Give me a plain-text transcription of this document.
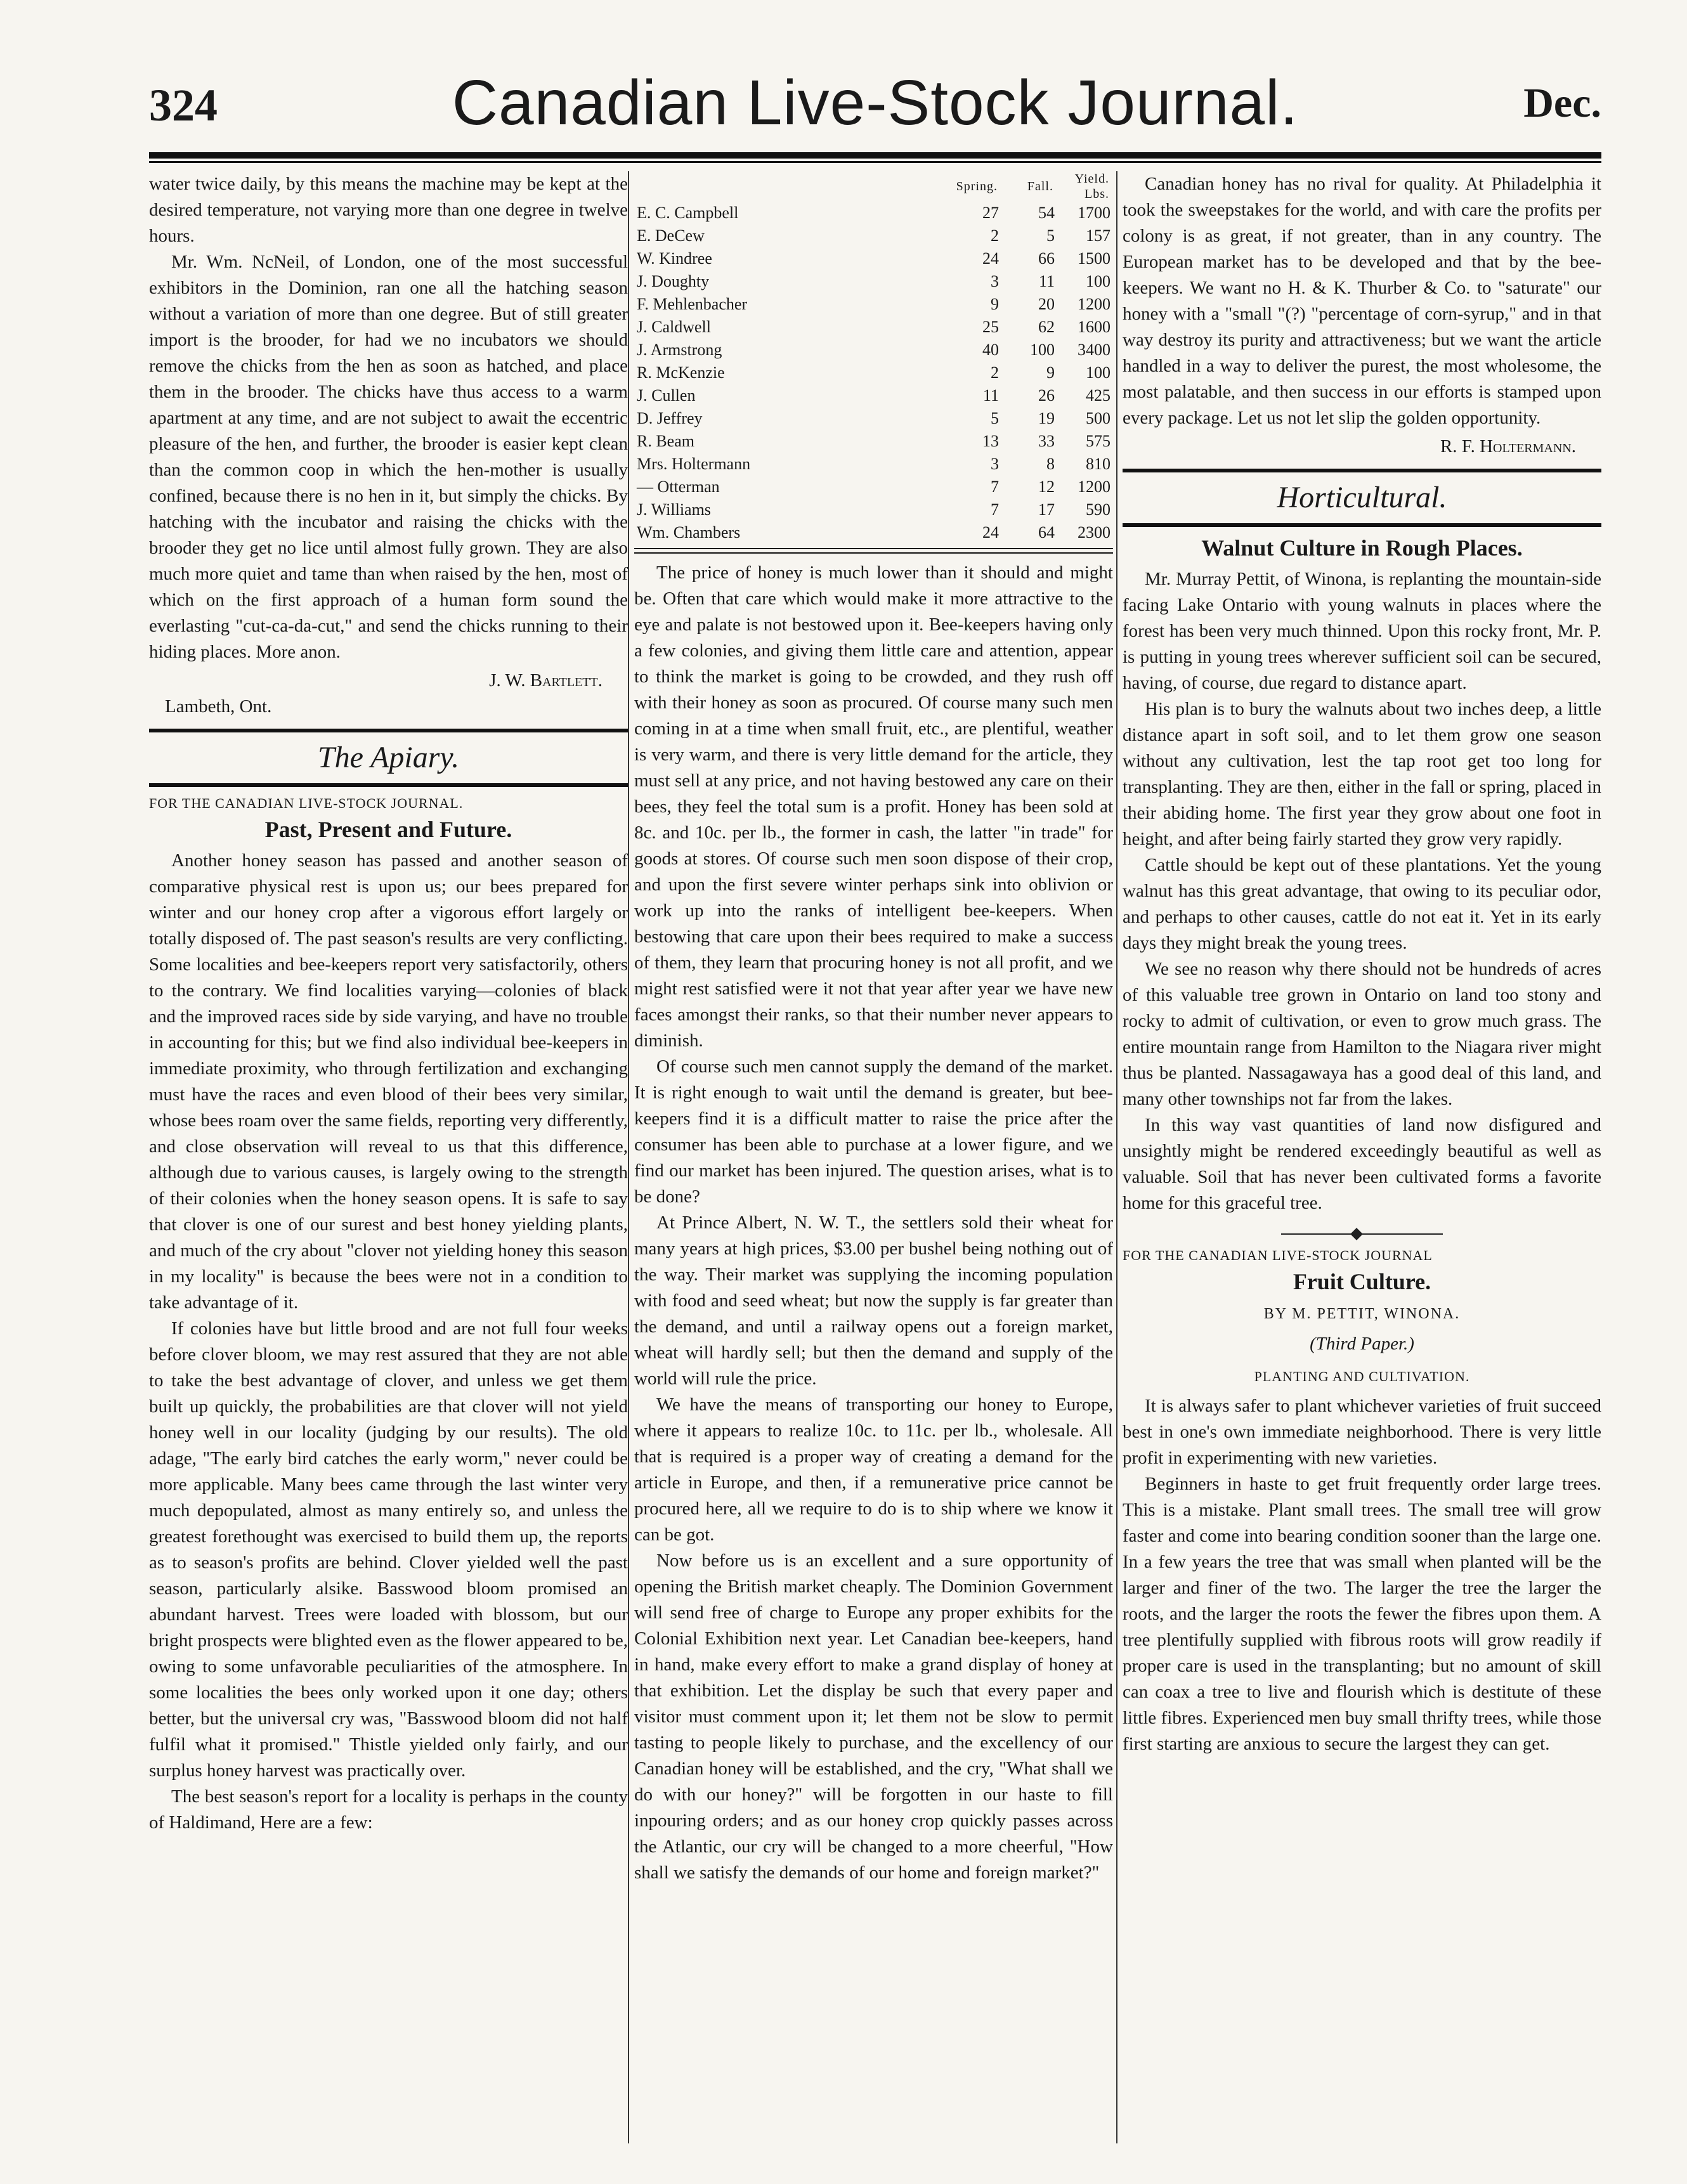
324	Canadian Live-Stock Journal.	Dec.

water twice daily, by this means the machine may be kept at the desired temperature, not varying more than one degree in twelve hours.

Mr. Wm. NcNeil, of London, one of the most successful exhibitors in the Dominion, ran one all the hatching season without a variation of more than one degree. But of still greater import is the brooder, for had we no incubators we should remove the chicks from the hen as soon as hatched, and place them in the brooder. The chicks have thus access to a warm apartment at any time, and are not subject to await the eccentric pleasure of the hen, and further, the brooder is easier kept clean than the common coop in which the hen-mother is usually confined, because there is no hen in it, but simply the chicks. By hatching with the incubator and raising the chicks with the brooder they get no lice until almost fully grown. They are also much more quiet and tame than when raised by the hen, most of which on the first approach of a human form sound the everlasting "cut-ca-da-cut," and send the chicks running to their hiding places. More anon.

J. W. Bartlett.
Lambeth, Ont.
The Apiary.
FOR THE CANADIAN LIVE-STOCK JOURNAL.
Past, Present and Future.

Another honey season has passed and another season of comparative physical rest is upon us; our bees prepared for winter and our honey crop after a vigorous effort largely or totally disposed of. The past season's results are very conflicting. Some localities and bee-keepers report very satisfactorily, others to the contrary. We find localities varying—colonies of black and the improved races side by side varying, and have no trouble in accounting for this; but we find also individual bee-keepers in immediate proximity, who through fertilization and exchanging must have the races and even blood of their bees very similar, whose bees roam over the same fields, reporting very differently, and close observation will reveal to us that this difference, although due to various causes, is largely owing to the strength of their colonies when the honey season opens. It is safe to say that clover is one of our surest and best honey yielding plants, and much of the cry about "clover not yielding honey this season in my locality" is because the bees were not in a condition to take advantage of it.

If colonies have but little brood and are not full four weeks before clover bloom, we may rest assured that they are not able to take the best advantage of clover, and unless we get them built up quickly, the probabilities are that clover will not yield honey well in our locality (judging by our results). The old adage, "The early bird catches the early worm," never could be more applicable. Many bees came through the last winter very much depopulated, almost as many entirely so, and unless the greatest forethought was exercised to build them up, the reports as to season's profits are behind. Clover yielded well the past season, particularly alsike. Basswood bloom promised an abundant harvest. Trees were loaded with blossom, but our bright prospects were blighted even as the flower appeared to be, owing to some unfavorable peculiarities of the atmosphere. In some localities the bees only worked upon it one day; others better, but the universal cry was, "Basswood bloom did not half fulfil what it promised." Thistle yielded only fairly, and our surplus honey harvest was practically over.

The best season's report for a locality is perhaps in the county of Haldimand, Here are a few:

	Spring.	Fall.	Yield. Lbs.
E. C. Campbell	27	54	1700
E. DeCew	2	5	157
W. Kindree	24	66	1500
J. Doughty	3	11	100
F. Mehlenbacher	9	20	1200
J. Caldwell	25	62	1600
J. Armstrong	40	100	3400
R. McKenzie	2	9	100
J. Cullen	11	26	425
D. Jeffrey	5	19	500
R. Beam	13	33	575
Mrs. Holtermann	3	8	810
— Otterman	7	12	1200
J. Williams	7	17	590
Wm. Chambers	24	64	2300

The price of honey is much lower than it should and might be. Often that care which would make it more attractive to the eye and palate is not bestowed upon it. Bee-keepers having only a few colonies, and giving them little care and attention, appear to think the market is going to be crowded, and they rush off with their honey as soon as procured. Of course many such men coming in at a time when small fruit, etc., are plentiful, weather is very warm, and there is very little demand for the article, they must sell at any price, and not having bestowed any care on their bees, they feel the total sum is a profit. Honey has been sold at 8c. and 10c. per lb., the former in cash, the latter "in trade" for goods at stores. Of course such men soon dispose of their crop, and upon the first severe winter perhaps sink into oblivion or work up into the ranks of intelligent bee-keepers. When bestowing that care upon their bees required to make a success of them, they learn that procuring honey is not all profit, and we might rest satisfied were it not that year after year we have new faces amongst their ranks, so that their number never appears to diminish.

Of course such men cannot supply the demand of the market. It is right enough to wait until the demand is greater, but bee-keepers find it is a difficult matter to raise the price after the consumer has been able to purchase at a lower figure, and we find our market has been injured. The question arises, what is to be done?

At Prince Albert, N. W. T., the settlers sold their wheat for many years at high prices, $3.00 per bushel being nothing out of the way. Their market was supplying the incoming population with food and seed wheat; but now the supply is far greater than the demand, and until a railway opens out a foreign market, wheat will hardly sell; but then the demand and supply of the world will rule the price.

We have the means of transporting our honey to Europe, where it appears to realize 10c. to 11c. per lb., wholesale. All that is required is a proper way of creating a demand for the article in Europe, and then, if a remunerative price cannot be procured here, all we require to do is to ship where we know it can be got.

Now before us is an excellent and a sure opportunity of opening the British market cheaply. The Dominion Government will send free of charge to Europe any proper exhibits for the Colonial Exhibition next year. Let Canadian bee-keepers, hand in hand, make every effort to make a grand display of honey at that exhibition. Let the display be such that every paper and visitor must comment upon it; let them not be slow to permit tasting to people likely to purchase, and the excellency of our Canadian honey will be established, and the cry, "What shall we do with our honey?" will be forgotten in our haste to fill inpouring orders; and as our honey crop quickly passes across the Atlantic, our cry will be changed to a more cheerful, "How shall we satisfy the demands of our home and foreign market?"

Canadian honey has no rival for quality. At Philadelphia it took the sweepstakes for the world, and with care the profits per colony is as great, if not greater, than in any country. The European market has to be developed and that by the bee-keepers. We want no H. & K. Thurber & Co. to "saturate" our honey with a "small "(?) "percentage of corn-syrup," and in that way destroy its purity and attractiveness; but we want the article handled in a way to deliver the purest, the most wholesome, the most palatable, and then success in our efforts is stamped upon every package. Let us not let slip the golden opportunity.

R. F. Holtermann.
Horticultural.
Walnut Culture in Rough Places.

Mr. Murray Pettit, of Winona, is replanting the mountain-side facing Lake Ontario with young walnuts in places where the forest has been very much thinned. Upon this rocky front, Mr. P. is putting in young trees wherever sufficient soil can be secured, having, of course, due regard to distance apart.

His plan is to bury the walnuts about two inches deep, a little distance apart in soft soil, and to let them grow one season without any cultivation, lest the tap root get too long for transplanting. They are then, either in the fall or spring, placed in their abiding home. The first year they grow about one foot in height, and after being fairly started they grow very rapidly.

Cattle should be kept out of these plantations. Yet the young walnut has this great advantage, that owing to its peculiar odor, and perhaps to other causes, cattle do not eat it. Yet in its early days they might break the young trees.

We see no reason why there should not be hundreds of acres of this valuable tree grown in Ontario on land too stony and rocky to admit of cultivation, or even to grow much grass. The entire mountain range from Hamilton to the Niagara river might thus be planted. Nassagawaya has a good deal of this land, and many other townships not far from the lakes.

In this way vast quantities of land now disfigured and unsightly might be rendered exceedingly beautiful as well as valuable. Soil that has never been cultivated forms a favorite home for this graceful tree.

FOR THE CANADIAN LIVE-STOCK JOURNAL
Fruit Culture.
BY M. PETTIT, WINONA.
(Third Paper.)
PLANTING AND CULTIVATION.

It is always safer to plant whichever varieties of fruit succeed best in one's own immediate neighborhood. There is very little profit in experimenting with new varieties.

Beginners in haste to get fruit frequently order large trees. This is a mistake. Plant small trees. The small tree will grow faster and come into bearing condition sooner than the large one. In a few years the tree that was small when planted will be the larger and finer of the two. The larger the tree the larger the roots, and the larger the roots the fewer the fibres upon them. A tree plentifully supplied with fibrous roots will grow readily if proper care is used in the transplanting; but no amount of skill can coax a tree to live and flourish which is destitute of these little fibres. Experienced men buy small thrifty trees, while those first starting are anxious to secure the largest they can get.
